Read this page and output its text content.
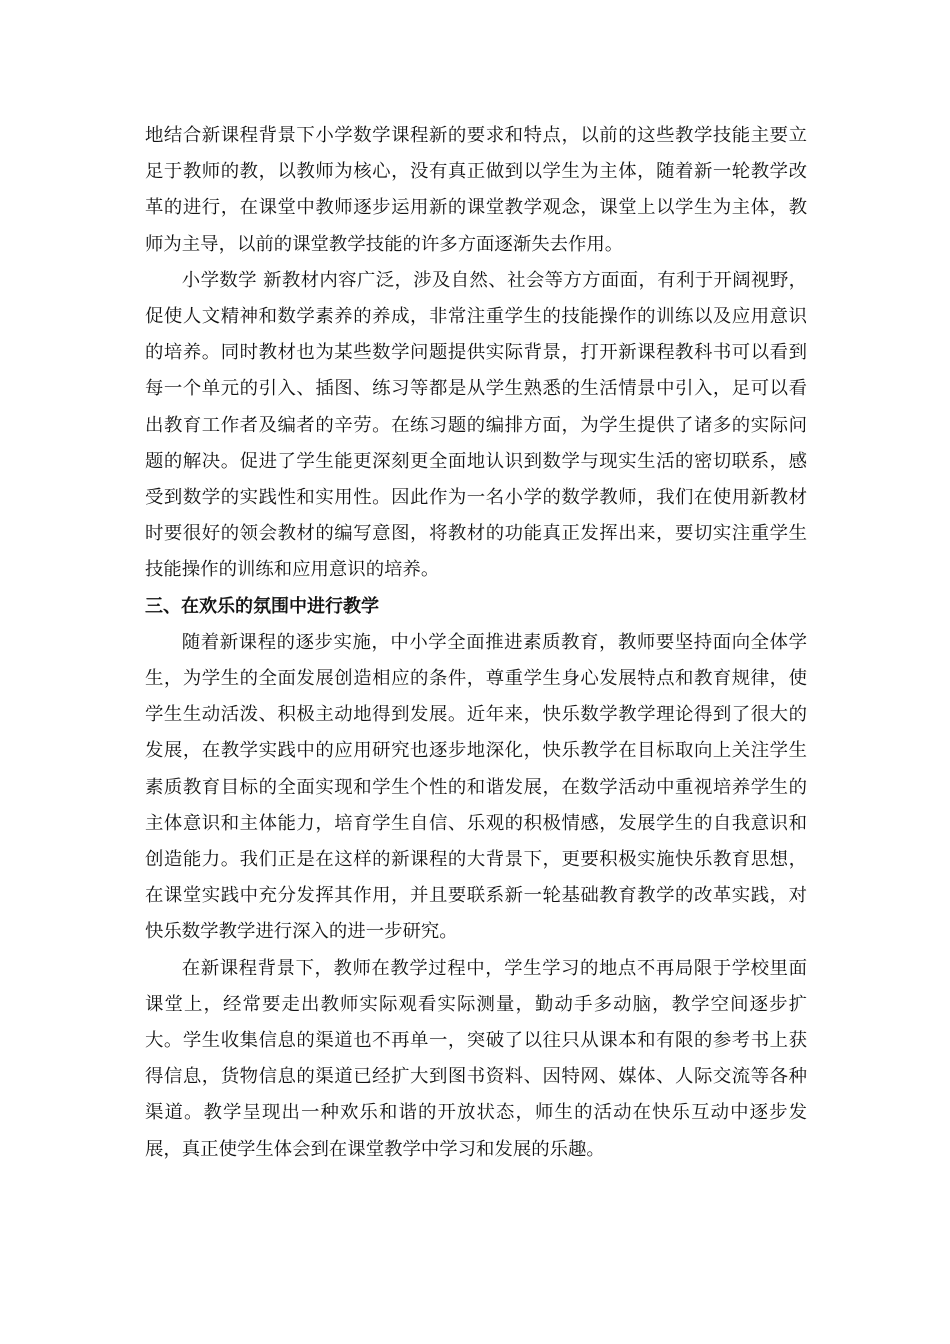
地结合新课程背景下小学数学课程新的要求和特点，以前的这些教学技能主要立足于教师的教，以教师为核心，没有真正做到以学生为主体，随着新一轮教学改革的进行，在课堂中教师逐步运用新的课堂教学观念，课堂上以学生为主体，教师为主导，以前的课堂教学技能的许多方面逐渐失去作用。

小学数学 新教材内容广泛，涉及自然、社会等方方面面，有利于开阔视野，促使人文精神和数学素养的养成，非常注重学生的技能操作的训练以及应用意识的培养。同时教材也为某些数学问题提供实际背景，打开新课程教科书可以看到每一个单元的引入、插图、练习等都是从学生熟悉的生活情景中引入，足可以看出教育工作者及编者的辛劳。在练习题的编排方面，为学生提供了诸多的实际问题的解决。促进了学生能更深刻更全面地认识到数学与现实生活的密切联系，感受到数学的实践性和实用性。因此作为一名小学的数学教师，我们在使用新教材时要很好的领会教材的编写意图，将教材的功能真正发挥出来，要切实注重学生技能操作的训练和应用意识的培养。

三、在欢乐的氛围中进行教学

随着新课程的逐步实施，中小学全面推进素质教育，教师要坚持面向全体学生，为学生的全面发展创造相应的条件，尊重学生身心发展特点和教育规律，使学生生动活泼、积极主动地得到发展。近年来，快乐数学教学理论得到了很大的发展，在教学实践中的应用研究也逐步地深化，快乐教学在目标取向上关注学生素质教育目标的全面实现和学生个性的和谐发展，在数学活动中重视培养学生的主体意识和主体能力，培育学生自信、乐观的积极情感，发展学生的自我意识和创造能力。我们正是在这样的新课程的大背景下，更要积极实施快乐教育思想，在课堂实践中充分发挥其作用，并且要联系新一轮基础教育教学的改革实践，对快乐数学教学进行深入的进一步研究。

在新课程背景下，教师在教学过程中，学生学习的地点不再局限于学校里面课堂上，经常要走出教师实际观看实际测量，勤动手多动脑，教学空间逐步扩大。学生收集信息的渠道也不再单一，突破了以往只从课本和有限的参考书上获得信息，货物信息的渠道已经扩大到图书资料、因特网、媒体、人际交流等各种渠道。教学呈现出一种欢乐和谐的开放状态，师生的活动在快乐互动中逐步发展，真正使学生体会到在课堂教学中学习和发展的乐趣。
